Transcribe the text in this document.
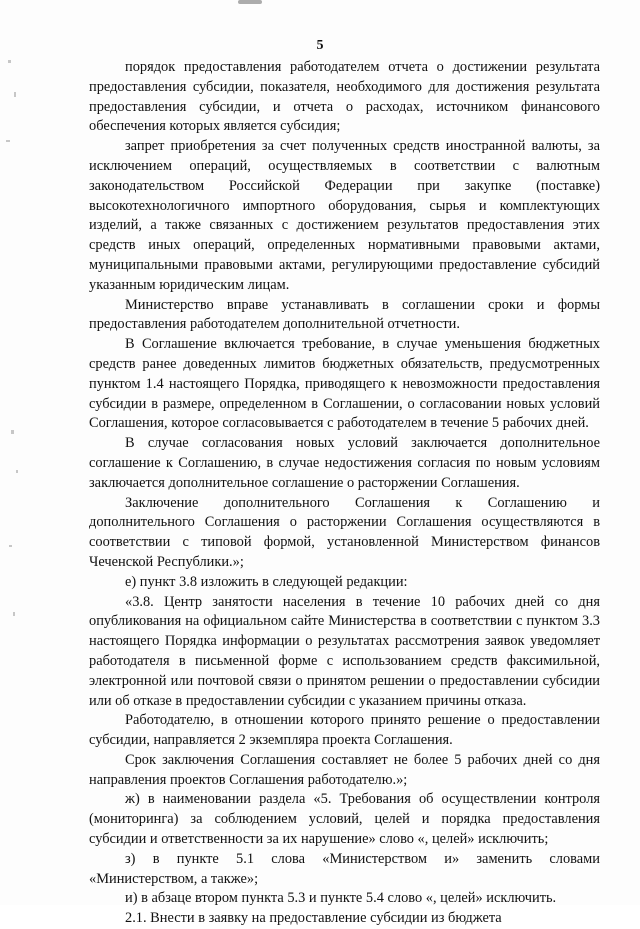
5

порядок предоставления работодателем отчета о достижении результата предоставления субсидии, показателя, необходимого для достижения результата предоставления субсидии, и отчета о расходах, источником финансового обеспечения которых является субсидия;

запрет приобретения за счет полученных средств иностранной валюты, за исключением операций, осуществляемых в соответствии с валютным законодательством Российской Федерации при закупке (поставке) высокотехнологичного импортного оборудования, сырья и комплектующих изделий, а также связанных с достижением результатов предоставления этих средств иных операций, определенных нормативными правовыми актами, муниципальными правовыми актами, регулирующими предоставление субсидий указанным юридическим лицам.

Министерство вправе устанавливать в соглашении сроки и формы предоставления работодателем дополнительной отчетности.

В Соглашение включается требование, в случае уменьшения бюджетных средств ранее доведенных лимитов бюджетных обязательств, предусмотренных пунктом 1.4 настоящего Порядка, приводящего к невозможности предоставления субсидии в размере, определенном в Соглашении, о согласовании новых условий Соглашения, которое согласовывается с работодателем в течение 5 рабочих дней.

В случае согласования новых условий заключается дополнительное соглашение к Соглашению, в случае недостижения согласия по новым условиям заключается дополнительное соглашение о расторжении Соглашения.

Заключение дополнительного Соглашения к Соглашению и дополнительного Соглашения о расторжении Соглашения осуществляются в соответствии с типовой формой, установленной Министерством финансов Чеченской Республики.»;

е) пункт 3.8 изложить в следующей редакции:

«3.8. Центр занятости населения в течение 10 рабочих дней со дня опубликования на официальном сайте Министерства в соответствии с пунктом 3.3 настоящего Порядка информации о результатах рассмотрения заявок уведомляет работодателя в письменной форме с использованием средств факсимильной, электронной или почтовой связи о принятом решении о предоставлении субсидии или об отказе в предоставлении субсидии с указанием причины отказа.

Работодателю, в отношении которого принято решение о предоставлении субсидии, направляется 2 экземпляра проекта Соглашения.

Срок заключения Соглашения составляет не более 5 рабочих дней со дня направления проектов Соглашения работодателю.»;

ж) в наименовании раздела «5. Требования об осуществлении контроля (мониторинга) за соблюдением условий, целей и порядка предоставления субсидии и ответственности за их нарушение» слово «, целей» исключить;

з) в пункте 5.1 слова «Министерством и» заменить словами «Министерством, а также»;

и) в абзаце втором пункта 5.3 и пункте 5.4 слово «, целей» исключить.

2.1. Внести в заявку на предоставление субсидии из бюджета
